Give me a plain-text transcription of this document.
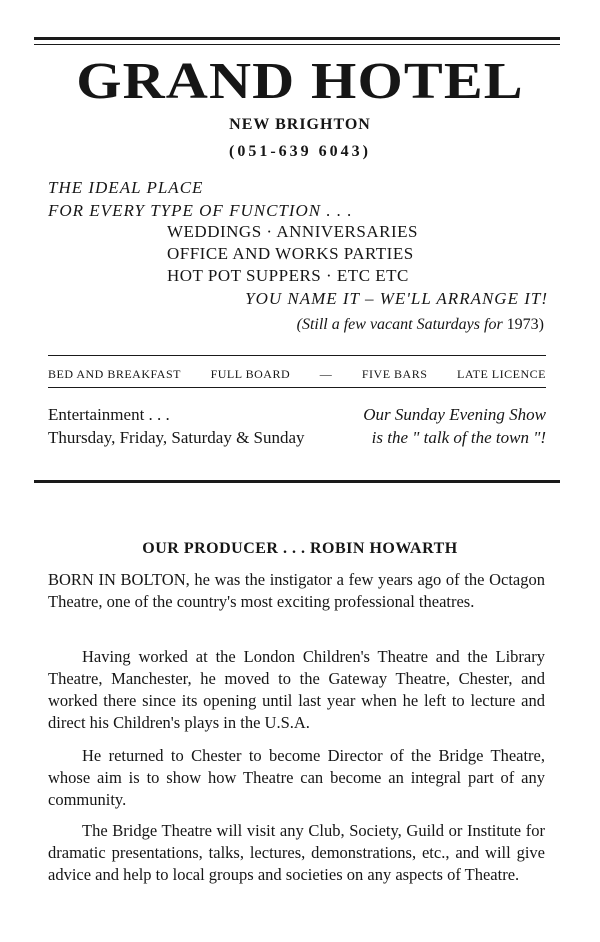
GRAND HOTEL
NEW BRIGHTON
(051-639 6043)
THE IDEAL PLACE
FOR EVERY TYPE OF FUNCTION . . .
WEDDINGS · ANNIVERSARIES
OFFICE AND WORKS PARTIES
HOT POT SUPPERS · ETC ETC
YOU NAME IT – WE'LL ARRANGE IT!
(Still a few vacant Saturdays for 1973)
BED AND BREAKFAST FULL BOARD — FIVE BARS LATE LICENCE
Entertainment . . .
Thursday, Friday, Saturday & Sunday
Our Sunday Evening Show
is the " talk of the town "!
OUR PRODUCER . . . ROBIN HOWARTH

BORN IN BOLTON, he was the instigator a few years ago of the Octagon Theatre, one of the country's most exciting professional theatres.

Having worked at the London Children's Theatre and the Library Theatre, Manchester, he moved to the Gateway Theatre, Chester, and worked there since its opening until last year when he left to lecture and direct his Children's plays in the U.S.A.

He returned to Chester to become Director of the Bridge Theatre, whose aim is to show how Theatre can become an integral part of any community.

The Bridge Theatre will visit any Club, Society, Guild or Institute for dramatic presentations, talks, lectures, demonstrations, etc., and will give advice and help to local groups and societies on any aspects of Theatre.
